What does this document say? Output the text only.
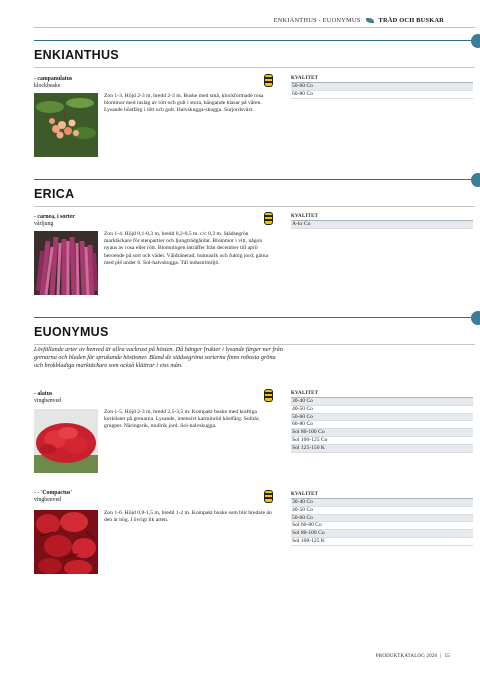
ENKIANTHUS - EUONYMUS	TRÄD OCH BUSKAR
ENKIANTHUS
- campanulatus
klockbuske
Zon 1-3. Höjd 2-3 m, bredd 2-3 m. Buske med små, klockformade rosa blommor med inslag av rött och gult i stora, hängande klasar på våren. Lysande höstfärg i rött och gult. Halvskugga-skugga. Surjordsväxt.
KVALITET
50-60 Co
60-80 Co
ERICA
- carnea, i sorter
vårljung
Zon 1-4. Höjd 0,1-0,3 m, bredd 0,2-0,5 m. c/c 0,3 m. Städsegrön marktäckare för stenpartier och ljungträdgårdar. Blommor i vitt, någon nyans av rosa eller rött. Blomningen inträffer från december till april beroende på sort och väder. Väldränerad, humusrik och fuktig jord, gärna med pH under 6. Sol-halvskugga. Tål industrimiljö.
KVALITET
A-kr Co
EUONYMUS
Lövfällande arter av benved är allra vackrast på hösten. Då hänger frukter i lysande färger ner från grenarna och bladen får sprakande hösttoner. Bland de städsegröna sorterna finns robusta gröna och brokbladiga marktäckare som också klättrar i viss mån.
- alatus
vingbenved
Zon 1-5. Höjd 2-3 m, bredd 2,5-3,5 m. Kompakt buske med kraftiga korklister på grenarna. Lysande, intensivt karminröd höstfärg. Solitär, grupper. Näringsrik, mullrik jord. Sol-halvskugga.
KVALITET
30-40 Co
40-50 Co
50-60 Co
60-80 Co
Sol 80-100 Co
Sol 100-125 Co
Sol 125-150 K
- - 'Compactus'
vingbenved
Zon 1-6. Höjd 0,8-1,5 m, bredd 1-2 m. Kompakt buske som blir bredare än den är hög. I övrigt lik arten.
KVALITET
30-40 Co
40-50 Co
50-60 Co
Sol 60-80 Co
Sol 80-100 Co
Sol 100-125 K
PRODUKTKATALOG 2026 | 55
